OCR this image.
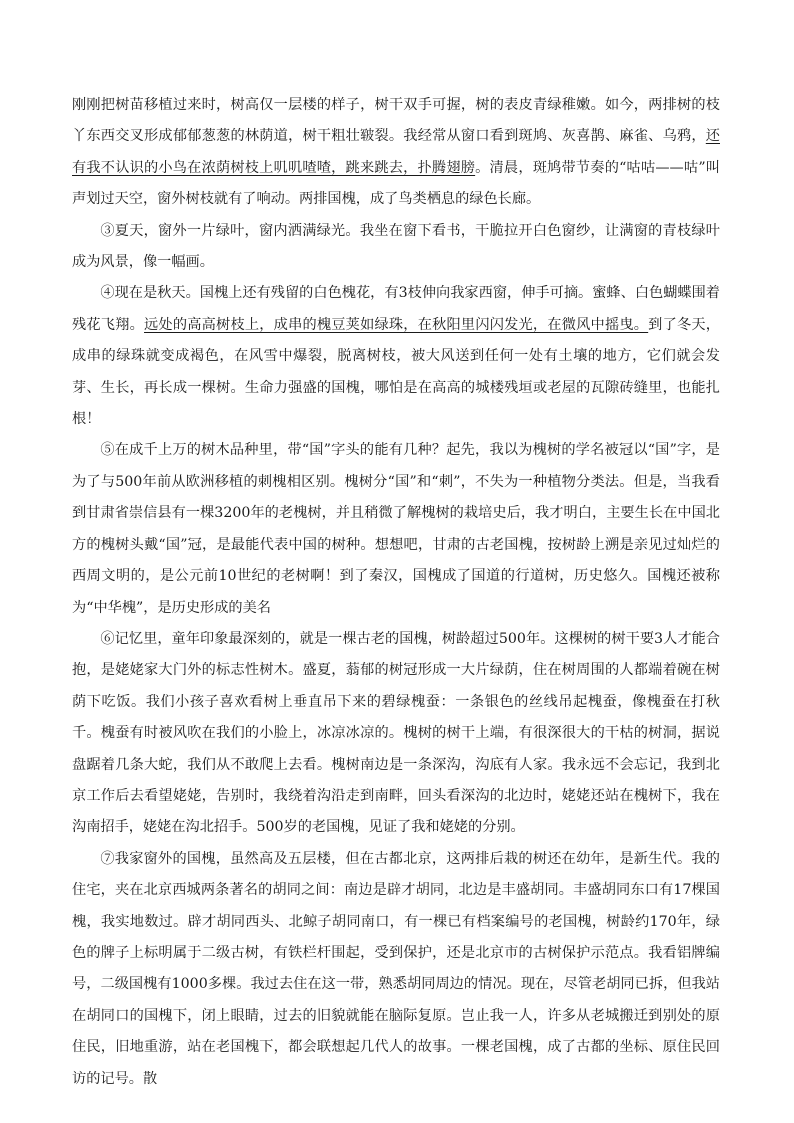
刚刚把树苗移植过来时，树高仅一层楼的样子，树干双手可握，树的表皮青绿稚嫩。如今，两排树的枝丫东西交叉形成郁郁葱葱的林荫道，树干粗壮皲裂。我经常从窗口看到斑鸠、灰喜鹊、麻雀、乌鸦，还有我不认识的小鸟在浓荫树枝上叽叽喳喳，跳来跳去，扑腾翅膀。清晨，斑鸠带节奏的“咕咕——咕”叫声划过天空，窗外树枝就有了响动。两排国槐，成了鸟类栖息的绿色长廊。

③夏天，窗外一片绿叶，窗内洒满绿光。我坐在窗下看书，干脆拉开白色窗纱，让满窗的青枝绿叶成为风景，像一幅画。

④现在是秋天。国槐上还有残留的白色槐花，有3枝伸向我家西窗，伸手可摘。蜜蜂、白色蝴蝶围着残花飞翔。远处的高高树枝上，成串的槐豆荚如绿珠，在秋阳里闪闪发光，在微风中摇曳。到了冬天，成串的绿珠就变成褐色，在风雪中爆裂，脱离树枝，被大风送到任何一处有土壤的地方，它们就会发芽、生长，再长成一棵树。生命力强盛的国槐，哪怕是在高高的城楼残垣或老屋的瓦隙砖缝里，也能扎根！

⑤在成千上万的树木品种里，带“国”字头的能有几种？起先，我以为槐树的学名被冠以“国”字，是为了与500年前从欧洲移植的刺槐相区别。槐树分“国”和“刺”，不失为一种植物分类法。但是，当我看到甘肃省崇信县有一棵3200年的老槐树，并且稍微了解槐树的栽培史后，我才明白，主要生长在中国北方的槐树头戴“国”冠，是最能代表中国的树种。想想吧，甘肃的古老国槐，按树龄上溯是亲见过灿烂的西周文明的，是公元前10世纪的老树啊！到了秦汉，国槐成了国道的行道树，历史悠久。国槐还被称为“中华槐”，是历史形成的美名

⑥记忆里，童年印象最深刻的，就是一棵古老的国槐，树龄超过500年。这棵树的树干要3人才能合抱，是姥姥家大门外的标志性树木。盛夏，蓊郁的树冠形成一大片绿荫，住在树周围的人都端着碗在树荫下吃饭。我们小孩子喜欢看树上垂直吊下来的碧绿槐蚕：一条银色的丝线吊起槐蚕，像槐蚕在打秋千。槐蚕有时被风吹在我们的小脸上，冰凉冰凉的。槐树的树干上端，有很深很大的干枯的树洞，据说盘踞着几条大蛇，我们从不敢爬上去看。槐树南边是一条深沟，沟底有人家。我永远不会忘记，我到北京工作后去看望姥姥，告别时，我绕着沟沿走到南畔，回头看深沟的北边时，姥姥还站在槐树下，我在沟南招手，姥姥在沟北招手。500岁的老国槐，见证了我和姥姥的分别。

⑦我家窗外的国槐，虽然高及五层楼，但在古都北京，这两排后栽的树还在幼年，是新生代。我的住宅，夹在北京西城两条著名的胡同之间：南边是辟才胡同，北边是丰盛胡同。丰盛胡同东口有17棵国槐，我实地数过。辟才胡同西头、北鲸子胡同南口，有一棵已有档案编号的老国槐，树龄约170年，绿色的牌子上标明属于二级古树，有铁栏杆围起，受到保护，还是北京市的古树保护示范点。我看铝牌编号，二级国槐有1000多棵。我过去住在这一带，熟悉胡同周边的情况。现在，尽管老胡同已拆，但我站在胡同口的国槐下，闭上眼睛，过去的旧貌就能在脑际复原。岂止我一人，许多从老城搬迁到别处的原住民，旧地重游，站在老国槐下，都会联想起几代人的故事。一棵老国槐，成了古都的坐标、原住民回访的记号。散
